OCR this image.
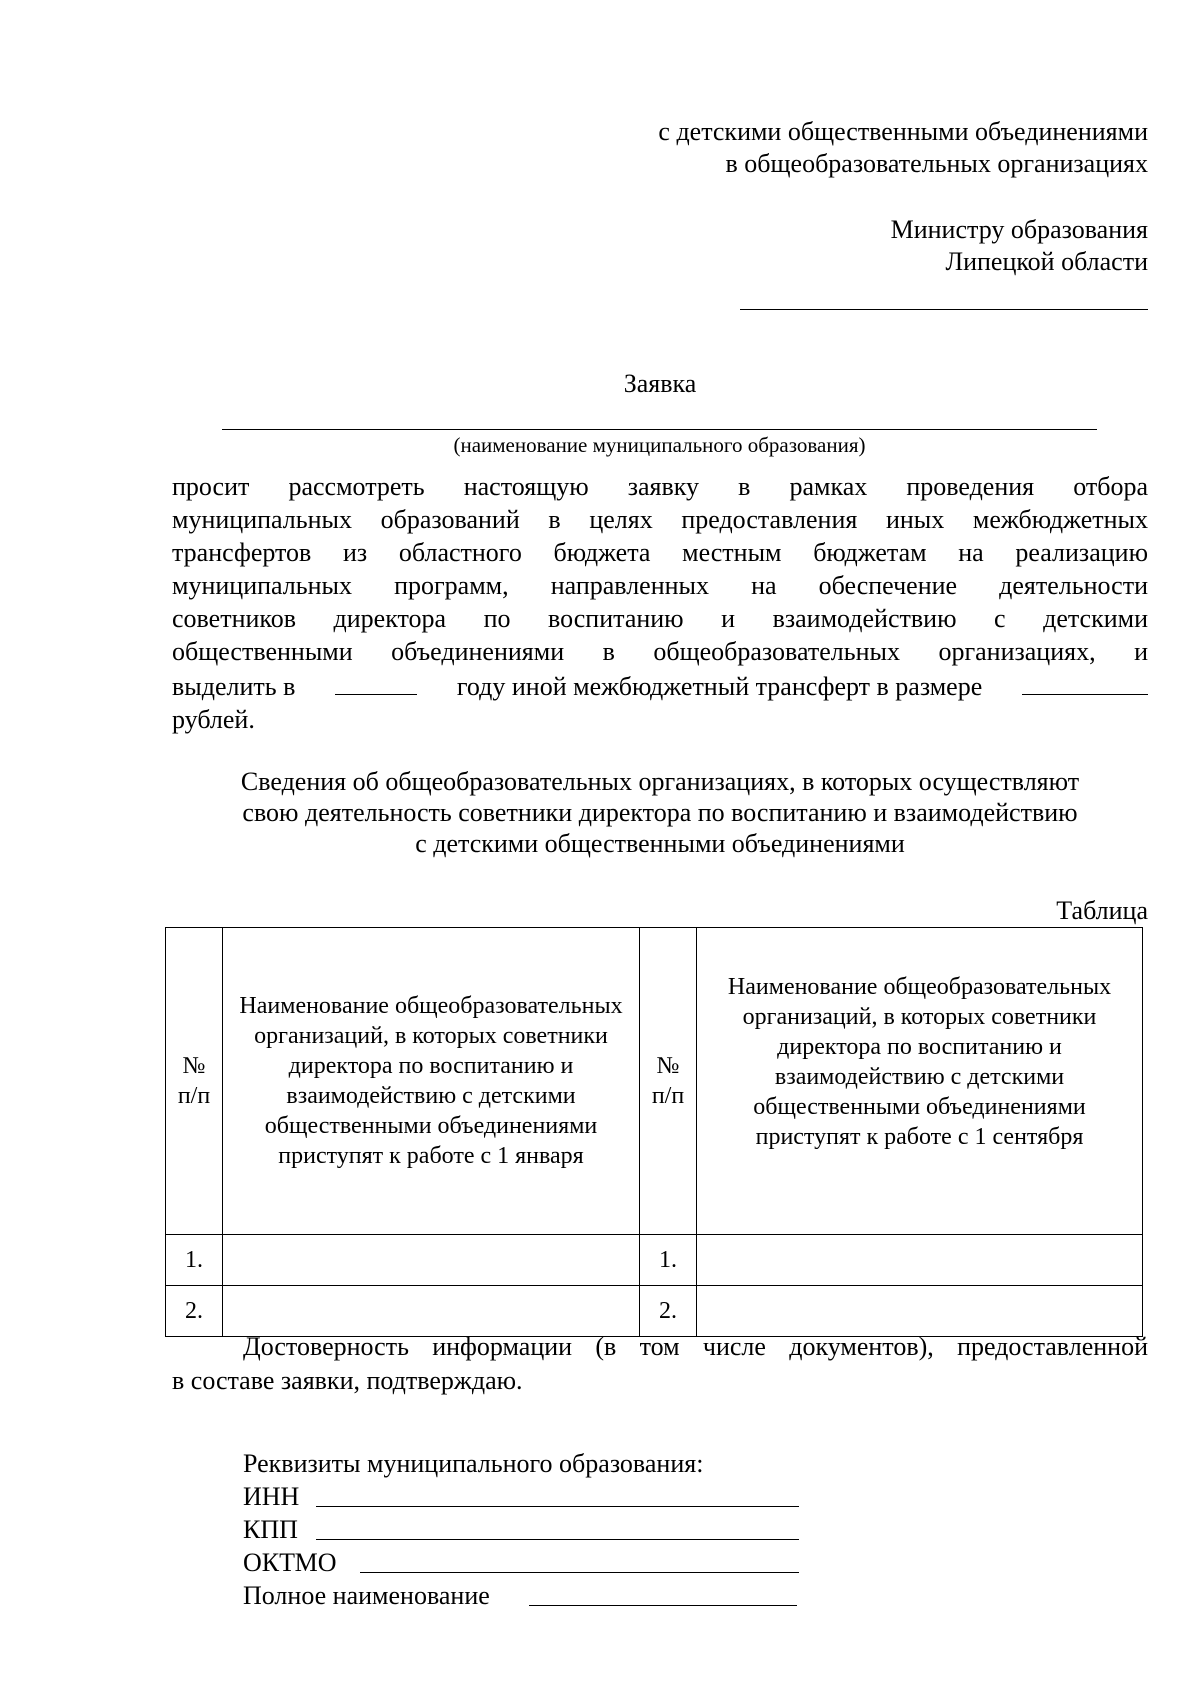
с детскими общественными объединениями
в общеобразовательных организациях
Министру образования
Липецкой области
Заявка
(наименование муниципального образования)
просит рассмотреть настоящую заявку в рамках проведения отбора
муниципальных образований в целях предоставления иных межбюджетных
трансфертов из областного бюджета местным бюджетам на реализацию
муниципальных программ, направленных на обеспечение деятельности
советников директора по воспитанию и взаимодействию с детскими
общественными объединениями в общеобразовательных организациях, и
выделить в	году иной межбюджетный трансферт в размере
рублей.
Сведения об общеобразовательных организациях, в которых осуществляют
свою деятельность советники директора по воспитанию и взаимодействию
с детскими общественными объединениями
Таблица
№ п/п	Наименование общеобразовательных организаций, в которых советники директора по воспитанию и взаимодействию с детскими общественными объединениями приступят к работе с 1 января	№ п/п	Наименование общеобразовательных организаций, в которых советники директора по воспитанию и взаимодействию с детскими общественными объединениями приступят к работе с 1 сентября

1.		1.	
2.		2.	
Достоверность информации (в том числе документов), предоставленной
в составе заявки, подтверждаю.
Реквизиты муниципального образования:
ИНН
КПП
ОКТМО
Полное наименование
